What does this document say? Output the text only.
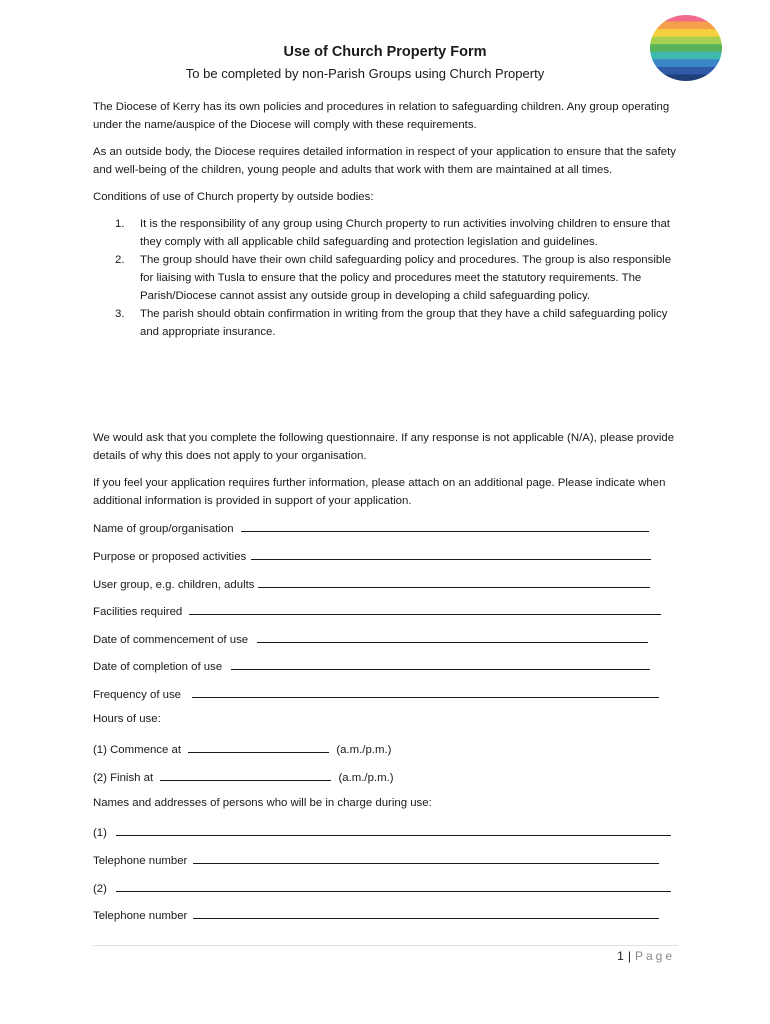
Use of Church Property Form
To be completed by non-Parish Groups using Church Property

The Diocese of Kerry has its own policies and procedures in relation to safeguarding children. Any group operating under the name/auspice of the Diocese will comply with these requirements.

As an outside body, the Diocese requires detailed information in respect of your application to ensure that the safety and well-being of the children, young people and adults that work with them are maintained at all times.

Conditions of use of Church property by outside bodies:

1. It is the responsibility of any group using Church property to run activities involving children to ensure that they comply with all applicable child safeguarding and protection legislation and guidelines.
2. The group should have their own child safeguarding policy and procedures. The group is also responsible for liaising with Tusla to ensure that the policy and procedures meet the statutory requirements. The Parish/Diocese cannot assist any outside group in developing a child safeguarding policy.
3. The parish should obtain confirmation in writing from the group that they have a child safeguarding policy and appropriate insurance.

We would ask that you complete the following questionnaire. If any response is not applicable (N/A), please provide details of why this does not apply to your organisation.

If you feel your application requires further information, please attach on an additional page. Please indicate when additional information is provided in support of your application.

Name of group/organisation
Purpose or proposed activities
User group, e.g. children, adults
Facilities required
Date of commencement of use
Date of completion of use
Frequency of use
Hours of use:
(1) Commence at	(a.m./p.m.)
(2) Finish at	(a.m./p.m.)
Names and addresses of persons who will be in charge during use:
(1)
Telephone number
(2)
Telephone number
1 | Page
